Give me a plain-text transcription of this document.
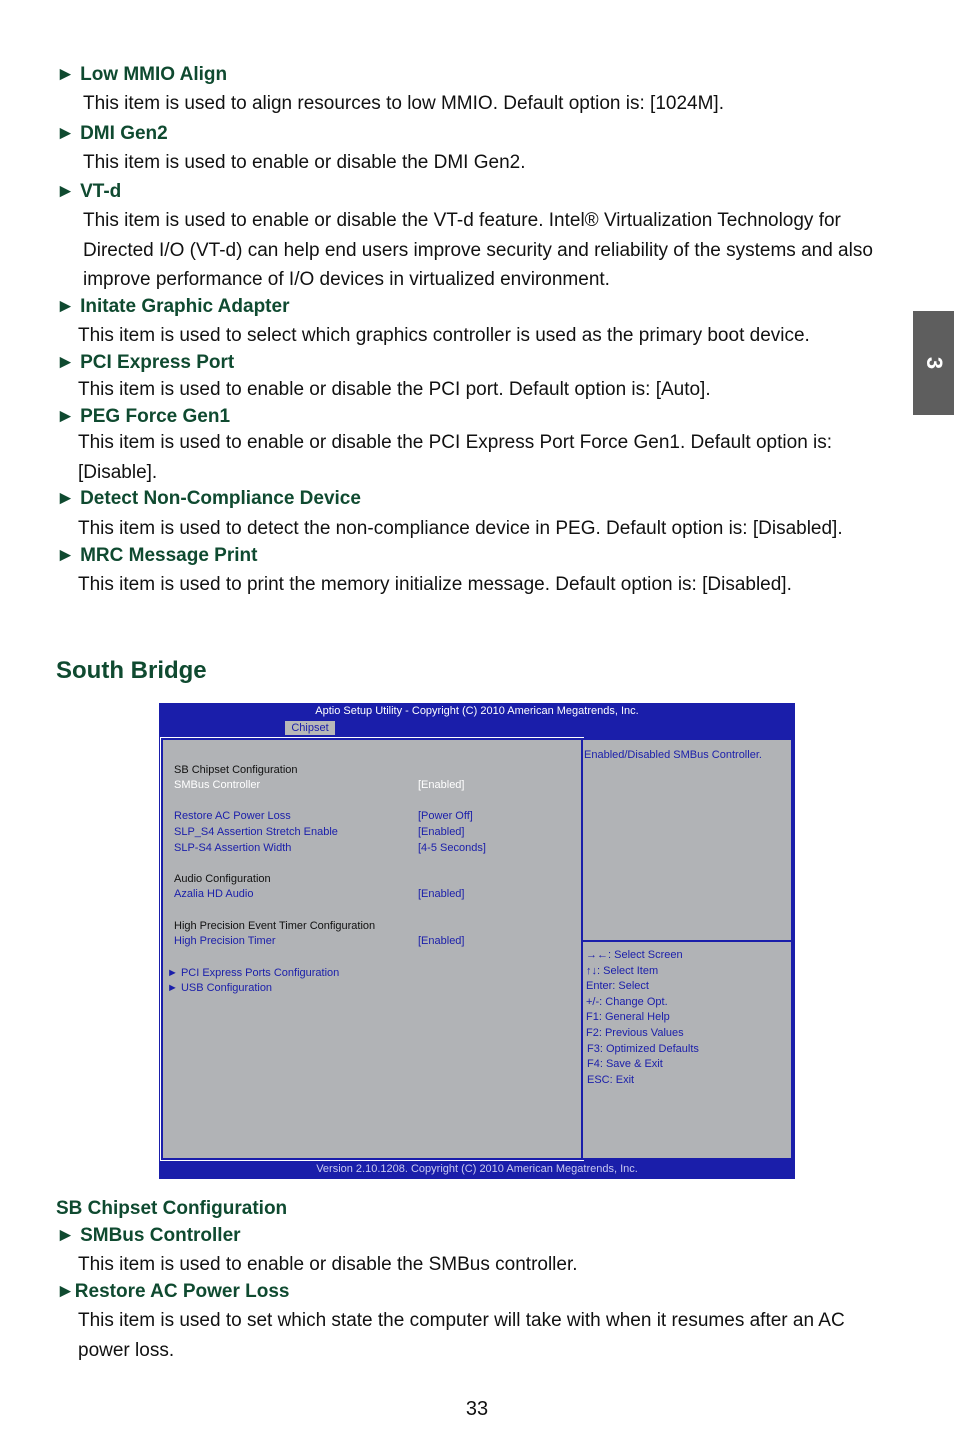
► Low MMIO Align
This item is used to align resources to low MMIO. Default option is: [1024M].
► DMI Gen2
This item is used to enable or disable the DMI Gen2.
► VT-d
This item is used to enable or disable the VT-d feature. Intel® Virtualization Technology for
Directed I/O (VT-d) can help end users improve security and reliability of the systems and also
improve performance of I/O devices in virtualized environment.
► Initate Graphic Adapter
This item is used to select which graphics controller is used as the primary boot device.
► PCI Express Port
This item is used to enable or disable the PCI port. Default option is: [Auto].
► PEG Force Gen1
This item is used to enable or disable the PCI Express Port Force Gen1. Default option is:
[Disable].
► Detect Non-Compliance Device
This item is used to detect the non-compliance device in PEG. Default option is: [Disabled].
► MRC Message Print
This item is used to print the memory initialize message. Default option is: [Disabled].
3
South Bridge
Aptio Setup Utility - Copyright (C) 2010 American Megatrends, Inc.
Chipset
SB Chipset Configuration
SMBus Controller	[Enabled]
Restore AC Power Loss	[Power Off]
SLP_S4 Assertion Stretch Enable	[Enabled]
SLP-S4 Assertion Width	[4-5 Seconds]
Audio Configuration
Azalia HD Audio	[Enabled]
High Precision Event Timer Configuration
High Precision Timer	[Enabled]
► PCI Express Ports Configuration
► USB Configuration
Enabled/Disabled SMBus Controller.
→←: Select Screen
↑↓: Select Item
Enter: Select
+/-: Change Opt.
F1: General Help
F2: Previous Values
F3: Optimized Defaults
F4: Save & Exit
ESC: Exit
Version 2.10.1208. Copyright (C) 2010 American Megatrends, Inc.
SB Chipset Configuration
► SMBus Controller
This item is used to enable or disable the SMBus controller.
►Restore AC Power Loss
This item is used to set which state the computer will take with when it resumes after an AC
power loss.
33
